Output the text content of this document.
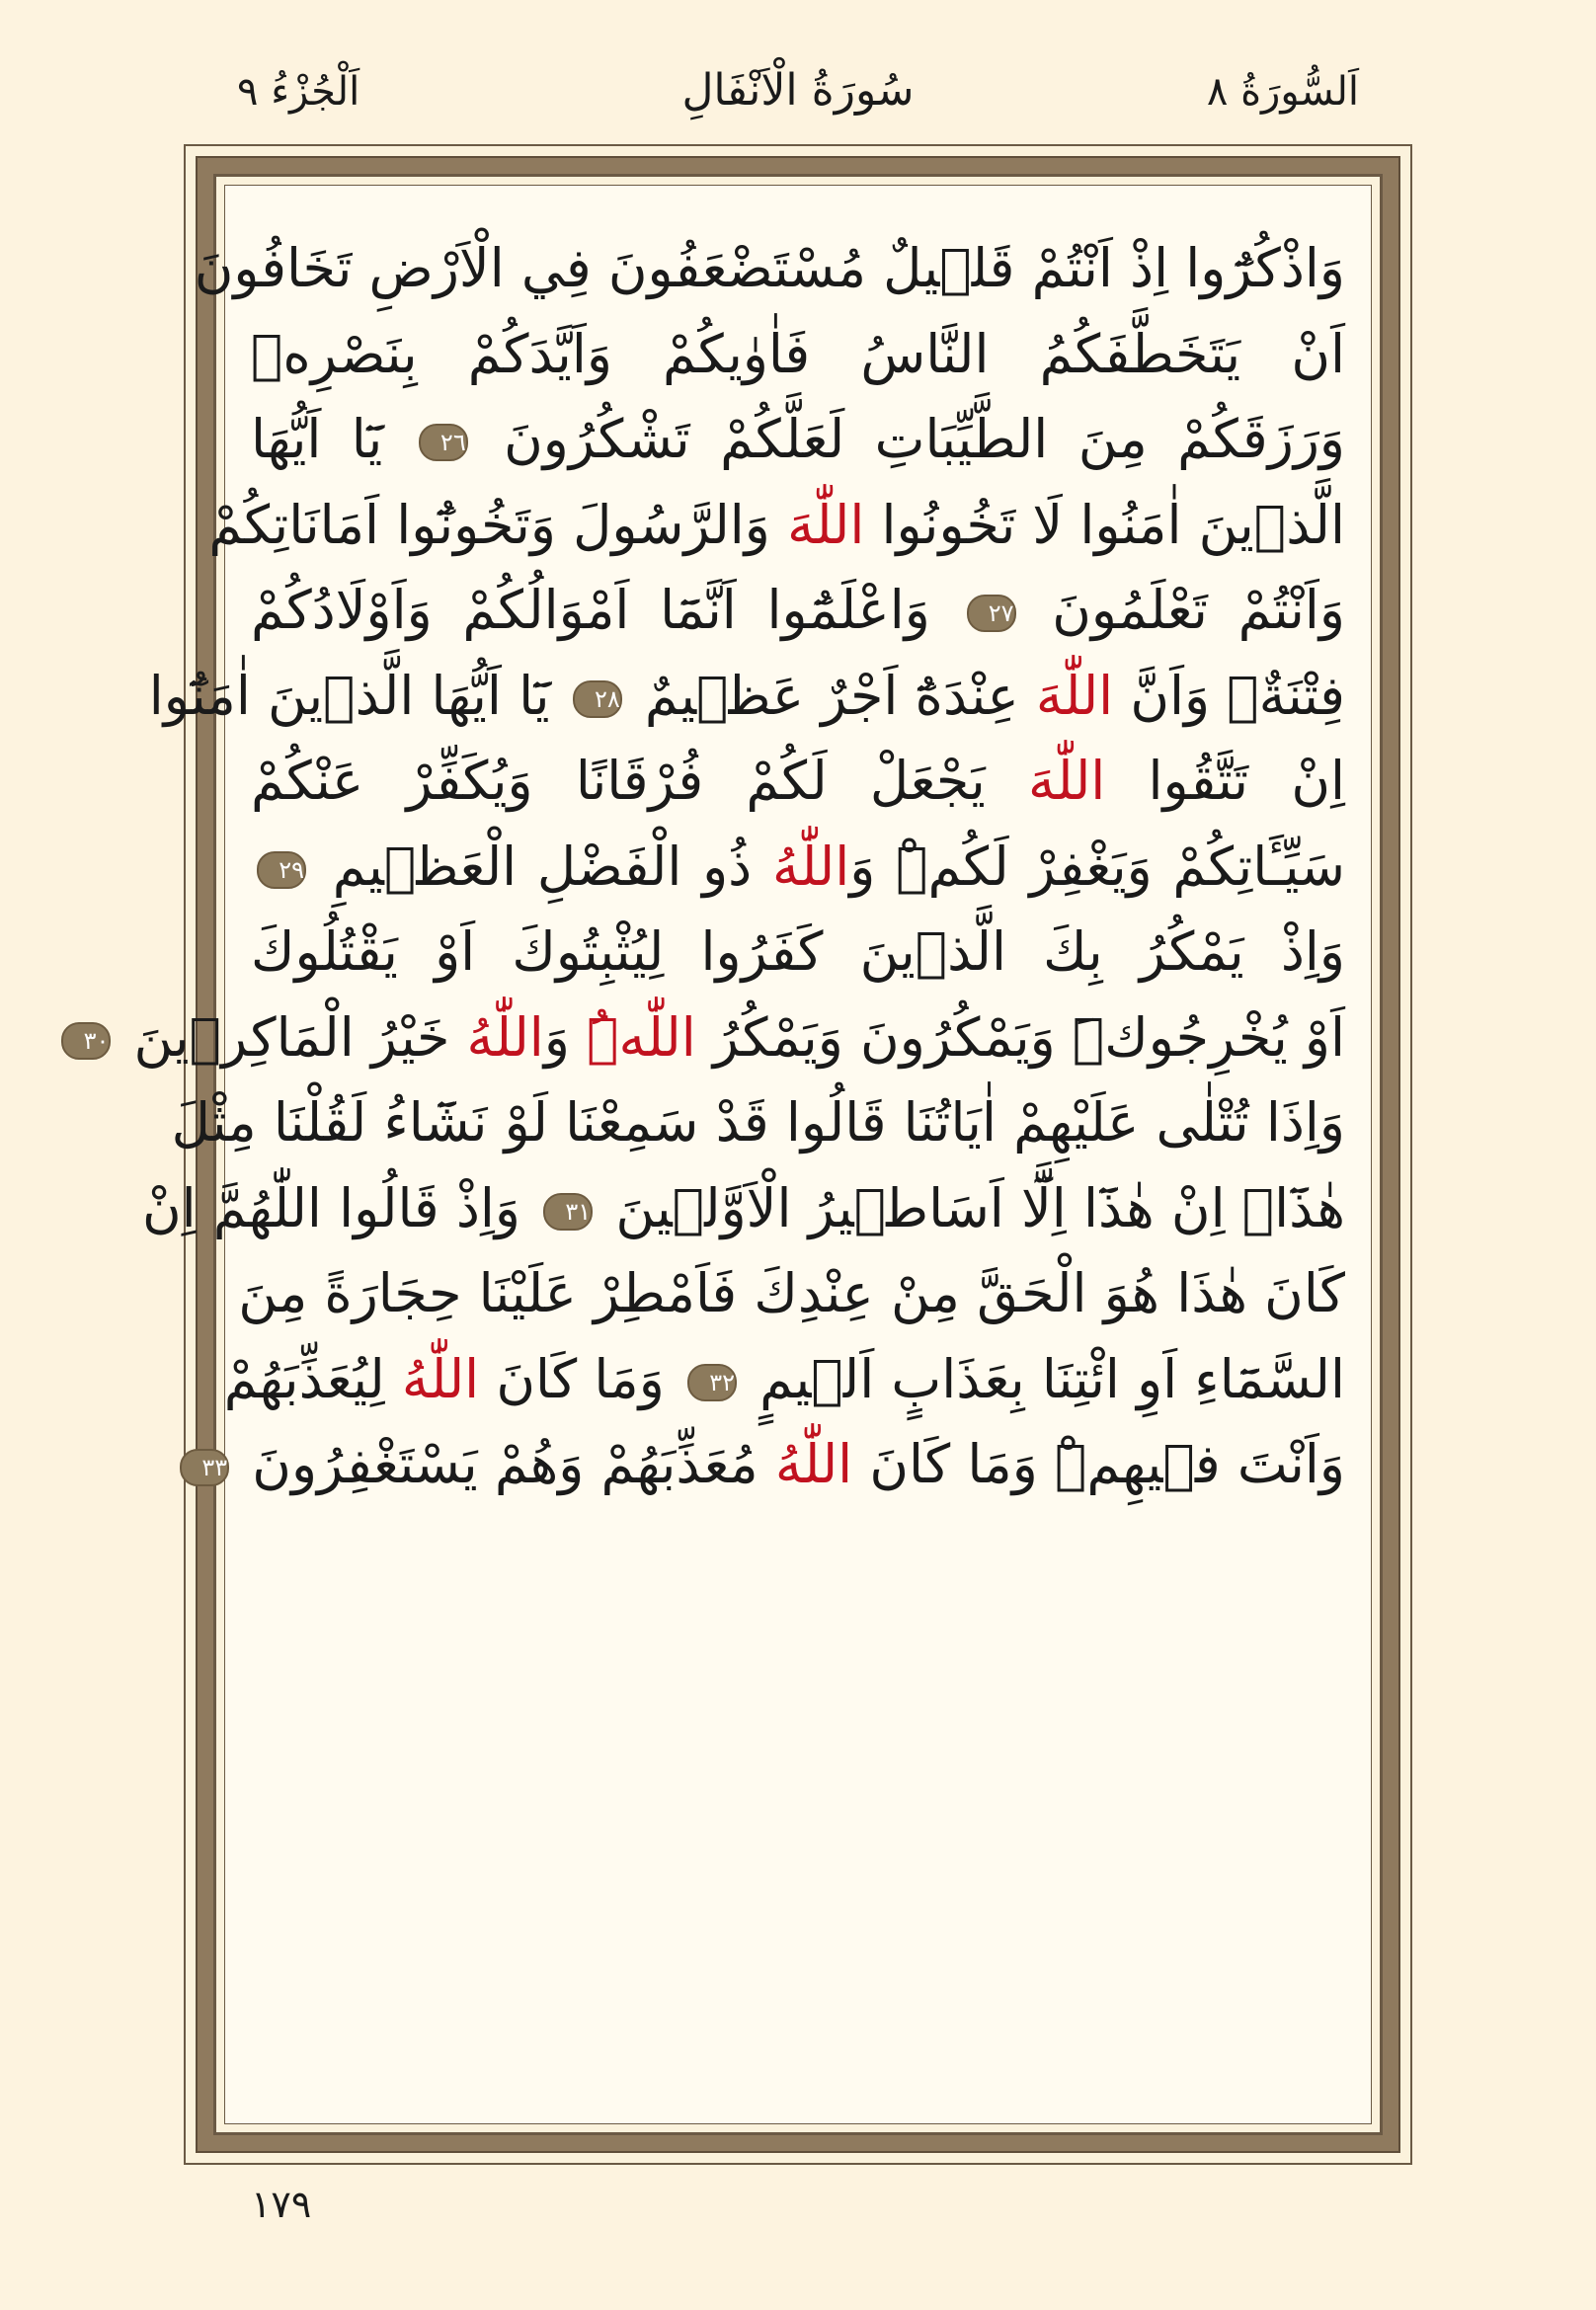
اَلسُّورَةُ ٨
سُورَةُ الْاَنْفَالِ
اَلْجُزْءُ ٩
وَاذْكُرُٓوا اِذْ اَنْتُمْ قَلٖيلٌ مُسْتَضْعَفُونَ فِي الْاَرْضِ تَخَافُونَ
اَنْ يَتَخَطَّفَكُمُ النَّاسُ فَاٰوٰيكُمْ وَاَيَّدَكُمْ بِنَصْرِهٖ
وَرَزَقَكُمْ مِنَ الطَّيِّبَاتِ لَعَلَّكُمْ تَشْكُرُونَ ٢٦ يَٓا اَيُّهَا
الَّذٖينَ اٰمَنُوا لَا تَخُونُوا اللّٰهَ وَالرَّسُولَ وَتَخُونُٓوا اَمَانَاتِكُمْ
وَاَنْتُمْ تَعْلَمُونَ ٢٧ وَاعْلَمُٓوا اَنَّمَٓا اَمْوَالُكُمْ وَاَوْلَادُكُمْ
فِتْنَةٌۙ وَاَنَّ اللّٰهَ عِنْدَهُٓ اَجْرٌ عَظٖيمٌ ٢٨ يَٓا اَيُّهَا الَّذٖينَ اٰمَنُٓوا
اِنْ تَتَّقُوا اللّٰهَ يَجْعَلْ لَكُمْ فُرْقَانًا وَيُكَفِّرْ عَنْكُمْ
سَيِّـَٔاتِكُمْ وَيَغْفِرْ لَكُمْۜ وَاللّٰهُ ذُو الْفَضْلِ الْعَظٖيمِ ٢٩
وَاِذْ يَمْكُرُ بِكَ الَّذٖينَ كَفَرُوا لِيُثْبِتُوكَ اَوْ يَقْتُلُوكَ
اَوْ يُخْرِجُوكَۜ وَيَمْكُرُونَ وَيَمْكُرُ اللّٰهُۜ وَاللّٰهُ خَيْرُ الْمَاكِرٖينَ ٣٠
وَاِذَا تُتْلٰى عَلَيْهِمْ اٰيَاتُنَا قَالُوا قَدْ سَمِعْنَا لَوْ نَشَٓاءُ لَقُلْنَا مِثْلَ
هٰذَٓاۙ اِنْ هٰذَٓا اِلَّٓا اَسَاطٖيرُ الْاَوَّلٖينَ ٣١ وَاِذْ قَالُوا اللّٰهُمَّ اِنْ
كَانَ هٰذَا هُوَ الْحَقَّ مِنْ عِنْدِكَ فَاَمْطِرْ عَلَيْنَا حِجَارَةً مِنَ
السَّمَٓاءِ اَوِ ائْتِنَا بِعَذَابٍ اَلٖيمٍ ٣٢ وَمَا كَانَ اللّٰهُ لِيُعَذِّبَهُمْ
وَاَنْتَ فٖيهِمْۜ وَمَا كَانَ اللّٰهُ مُعَذِّبَهُمْ وَهُمْ يَسْتَغْفِرُونَ ٣٣
١٧٩
